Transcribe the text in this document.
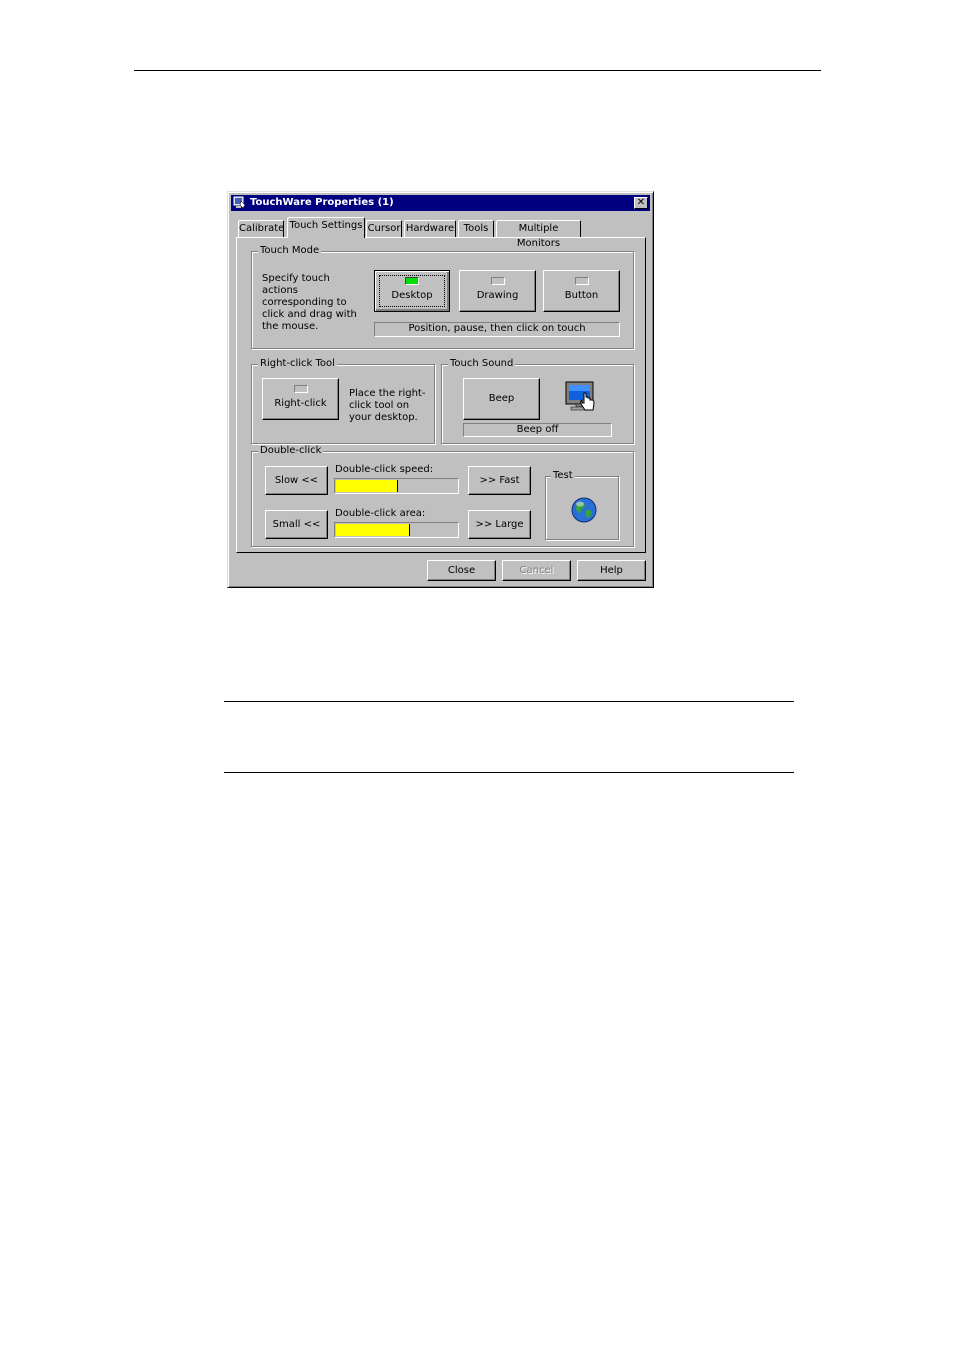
TouchWare Properties (1)	✕
Calibrate Touch Settings Cursor Hardware Tools	Multiple Monitors
Touch Mode
Specify touch actions corresponding to click and drag with the mouse.
Desktop	Drawing	Button
Position, pause, then click on touch
Right-click Tool
Right-click
Place the right-click tool on your desktop.
Touch Sound
Beep
Beep off
Double-click
Slow <<
Double-click speed:
>> Fast
Small <<
Double-click area:
>> Large
Test
Close	Cancel	Help
